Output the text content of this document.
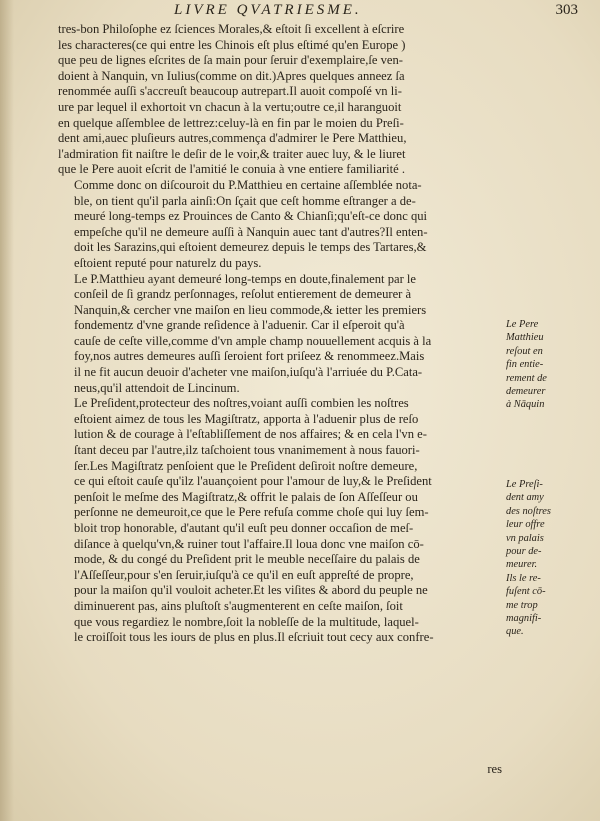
LIVRE QVATRIESME.	303

tres-bon Philoſophe ez ſciences Morales,& eſtoit ſi excellent à eſcrire
les characteres(ce qui entre les Chinois eſt plus eſtimé qu'en Europe )
que peu de lignes eſcrites de ſa main pour ſeruir d'exemplaire,ſe ven-
doient à Nanquin, vn Iulius(comme on dit.)Apres quelques anneez ſa
renommée auſſi s'accreuſt beaucoup autrepart.Il auoit compoſé vn li-
ure par lequel il exhortoit vn chacun à la vertu;outre ce,il haranguoit
en quelque aſſemblee de lettrez:celuy-là en fin par le moien du Preſi-
dent ami,auec pluſieurs autres,commença d'admirer le Pere Matthieu,
l'admiration fit naiſtre le deſir de le voir,& traiter auec luy, & le liuret
que le Pere auoit eſcrit de l'amitié le conuia à vne entiere familiarité .

Comme donc on diſcouroit du P.Matthieu en certaine aſſemblée nota-
ble, on tient qu'il parla ainſi:On ſçait que ceſt homme eſtranger a de-
meuré long-temps ez Prouinces de Canto & Chianſi;qu'eſt-ce donc qui
empeſche qu'il ne demeure auſſi à Nanquin auec tant d'autres?Il enten-
doit les Sarazins,qui eſtoient demeurez depuis le temps des Tartares,&
eſtoient reputé pour naturelz du pays.

Le P.Matthieu ayant demeuré long-temps en doute,finalement par le
conſeil de ſi grandz perſonnages, reſolut entierement de demeurer à
Nanquin,& cercher vne maiſon en lieu commode,& ietter les premiers
fondementz d'vne grande reſidence à l'aduenir. Car il eſperoit qu'à
cauſe de ceſte ville,comme d'vn ample champ nouuellement acquis à la
foy,nos autres demeures auſſi ſeroient fort priſeez & renommeez.Mais
il ne fit aucun deuoir d'acheter vne maiſon,iuſqu'à l'arriuée du P.Cata-
neus,qu'il attendoit de Lincinum.

Le Preſident,protecteur des noſtres,voiant auſſi combien les noſtres
eſtoient aimez de tous les Magiſtratz, apporta à l'aduenir plus de reſo
lution & de courage à l'eſtabliſſement de nos affaires; & en cela l'vn e-
ſtant deceu par l'autre,ilz taſchoient tous vnanimement à nous fauori-
ſer.Les Magiſtratz penſoient que le Preſident deſiroit noſtre demeure,
ce qui eſtoit cauſe qu'ilz l'auançoient pour l'amour de luy,& le Preſident
penſoit le meſme des Magiſtratz,& offrit le palais de ſon Aſſeſſeur ou
perſonne ne demeuroit,ce que le Pere refuſa comme choſe qui luy ſem-
bloit trop honorable, d'autant qu'il euſt peu donner occaſion de meſ-
diſance à quelqu'vn,& ruiner tout l'affaire.Il loua donc vne maiſon cō-
mode, & du congé du Preſident prit le meuble neceſſaire du palais de
l'Aſſeſſeur,pour s'en ſeruir,iuſqu'à ce qu'il en euſt appreſté de propre,
pour la maiſon qu'il vouloit acheter.Et les viſites & abord du peuple ne
diminuerent pas, ains pluſtoſt s'augmenterent en ceſte maiſon, ſoit
que vous regardiez le nombre,ſoit la nobleſſe de la multitude, laquel-
le croiſſoit tous les iours de plus en plus.Il eſcriuit tout cecy aux confre-

res
Le Pere
Matthieu
reſout en
fin entie-
rement de
demeurer
à Nāquin
Le Preſi-
dent amy
des noſtres
leur offre
vn palais
pour de-
meurer.
Ils le re-
fuſent cō-
me trop
magnifi-
que.
